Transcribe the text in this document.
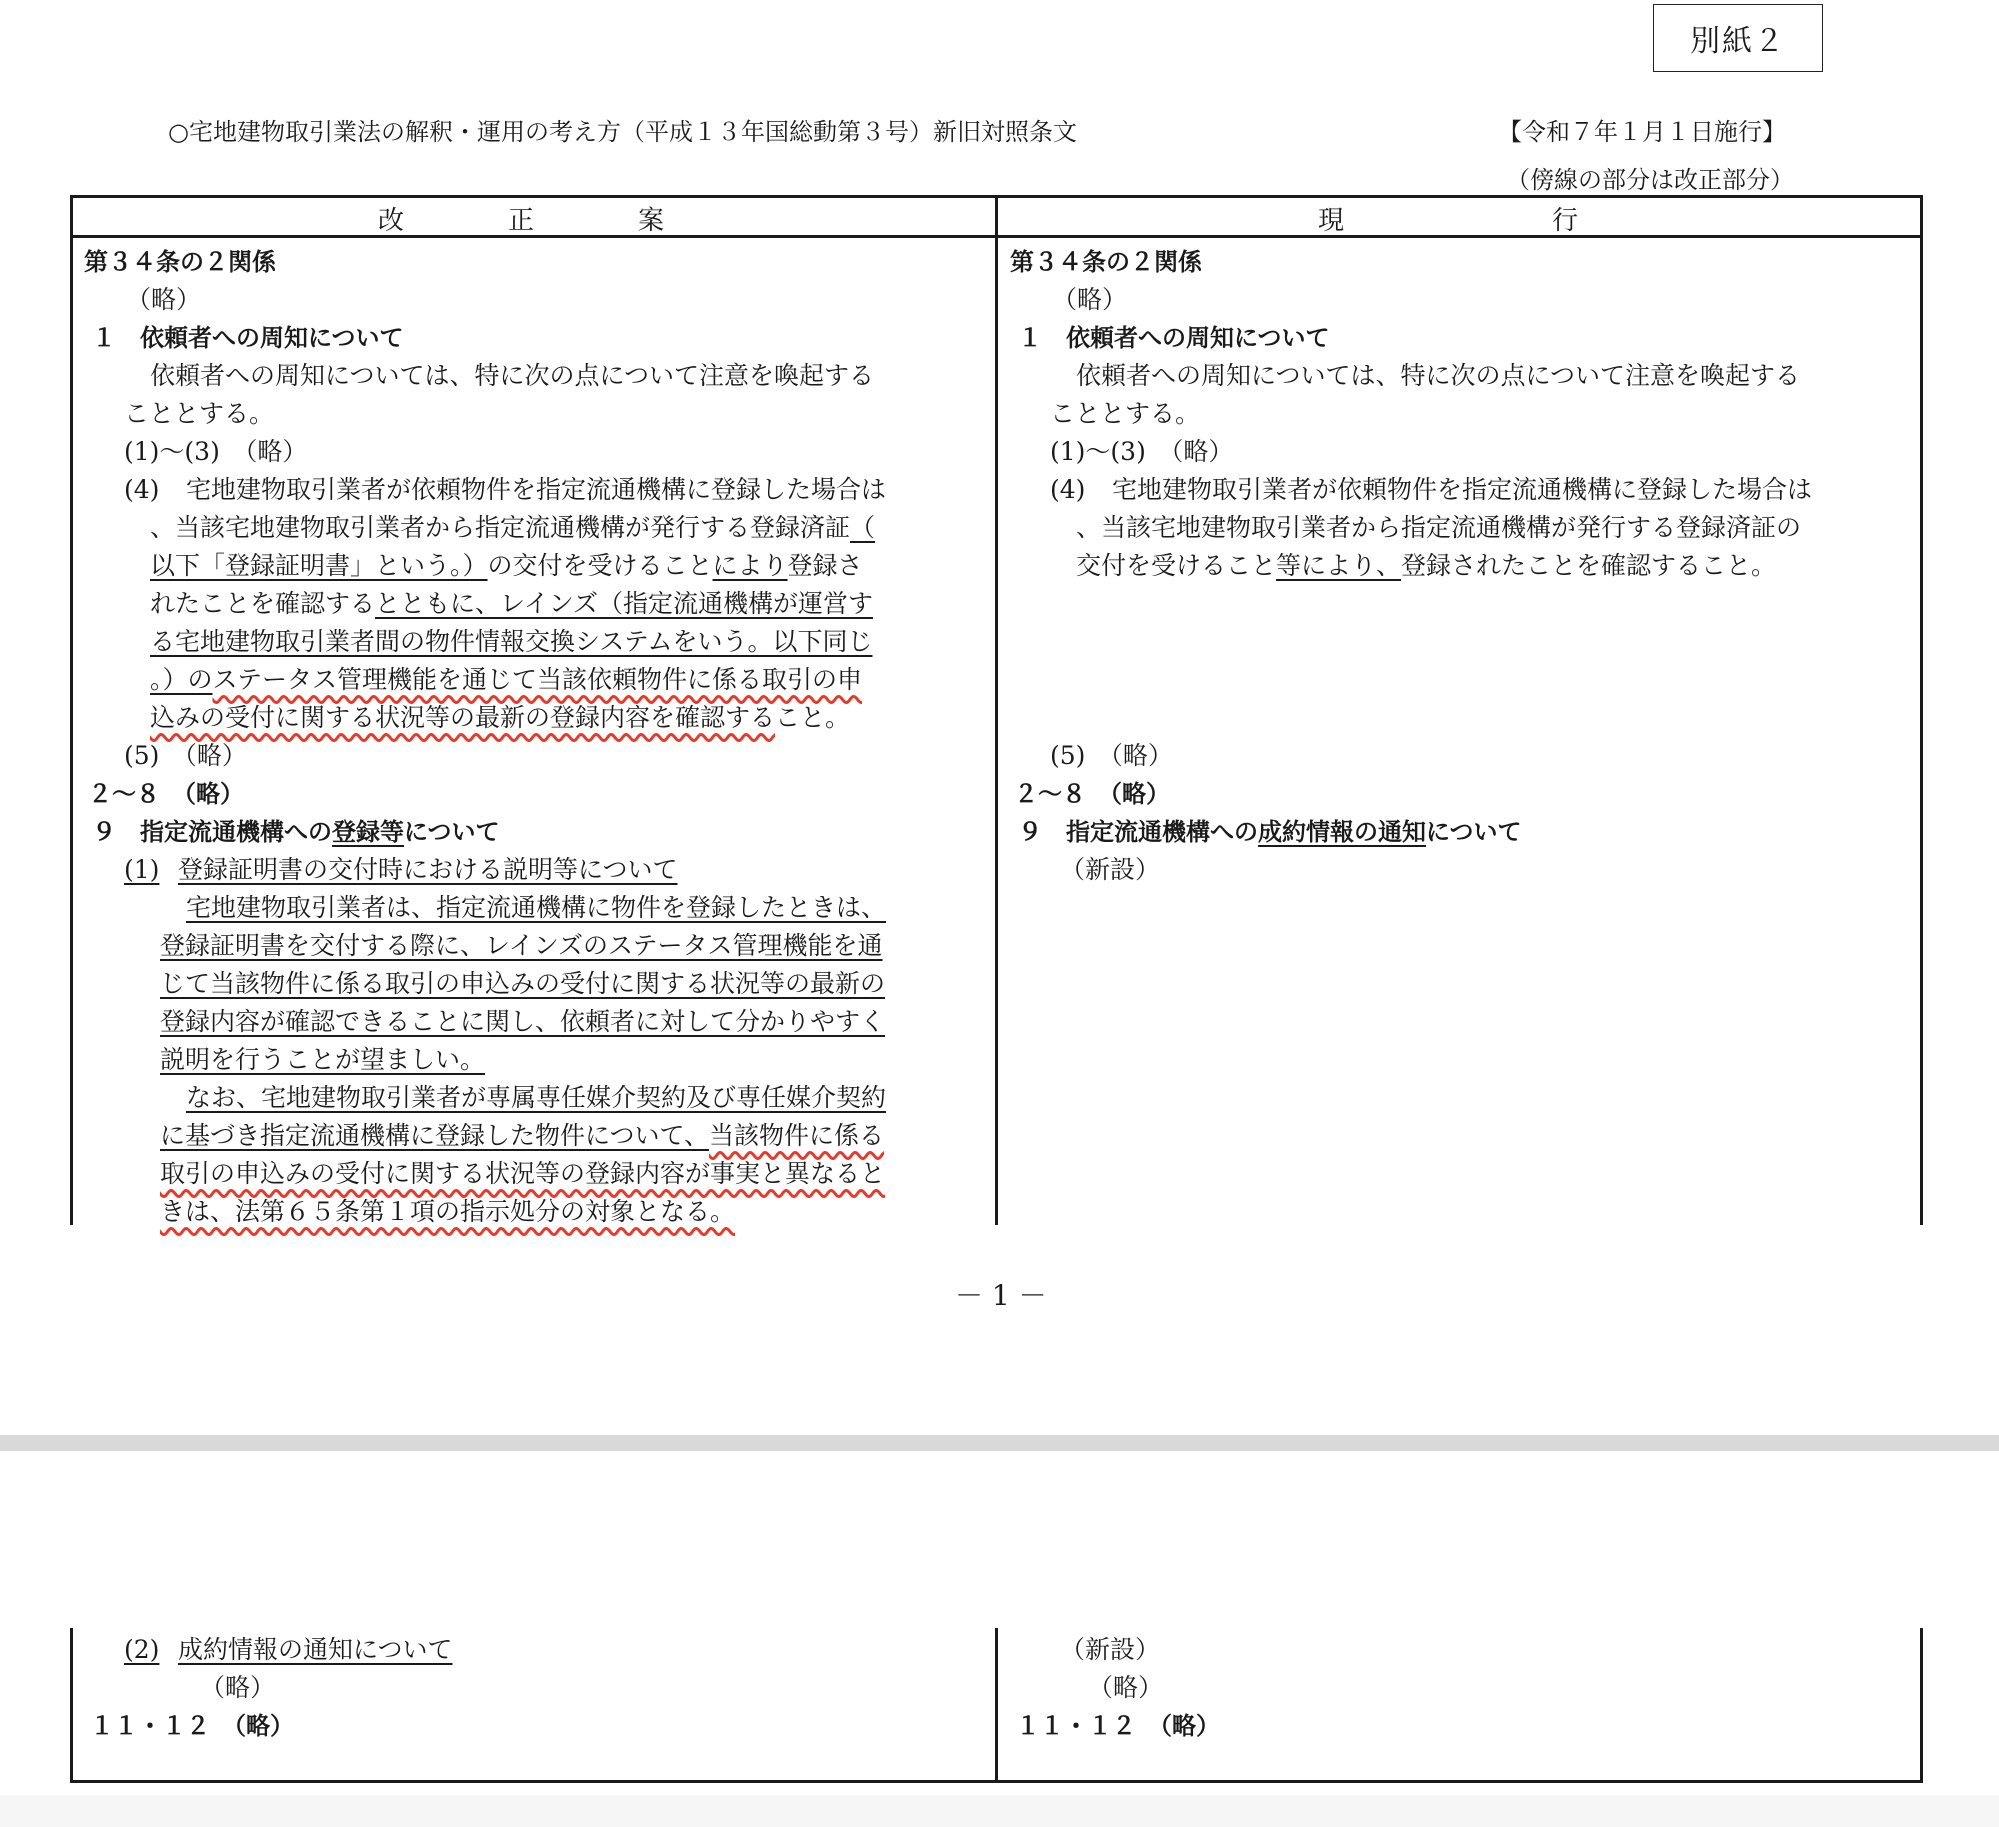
別紙２
○宅地建物取引業法の解釈・運用の考え方（平成１３年国総動第３号）新旧対照条文	【令和７年１月１日施行】
（傍線の部分は改正部分）
改　　　　正　　　　案	現　　　　　　　　行
第３４条の２関係
（略）
１ 依頼者への周知について
依頼者への周知については、特に次の点について注意を喚起する
こととする。
(1)～(3)　（略）
(4) 宅地建物取引業者が依頼物件を指定流通機構に登録した場合は
、当該宅地建物取引業者から指定流通機構が発行する登録済証（
以下「登録証明書」という。）の交付を受けることにより登録さ
れたことを確認するとともに、レインズ（指定流通機構が運営す
る宅地建物取引業者間の物件情報交換システムをいう。以下同じ
。）のステータス管理機能を通じて当該依頼物件に係る取引の申
込みの受付に関する状況等の最新の登録内容を確認すること。
(5)　（略）
２～８　（略）
９ 指定流通機構への登録等について
(1) 登録証明書の交付時における説明等について
宅地建物取引業者は、指定流通機構に物件を登録したときは、
登録証明書を交付する際に、レインズのステータス管理機能を通
じて当該物件に係る取引の申込みの受付に関する状況等の最新の
登録内容が確認できることに関し、依頼者に対して分かりやすく
説明を行うことが望ましい。
なお、宅地建物取引業者が専属専任媒介契約及び専任媒介契約
に基づき指定流通機構に登録した物件について、当該物件に係る
取引の申込みの受付に関する状況等の登録内容が事実と異なると
きは、法第６５条第１項の指示処分の対象となる。
第３４条の２関係
（略）
１ 依頼者への周知について
依頼者への周知については、特に次の点について注意を喚起する
こととする。
(1)～(3)　（略）
(4) 宅地建物取引業者が依頼物件を指定流通機構に登録した場合は
、当該宅地建物取引業者から指定流通機構が発行する登録済証の
交付を受けること等により、登録されたことを確認すること。
(5)　（略）
２～８　（略）
９ 指定流通機構への成約情報の通知について
（新設）
－ 1 －
(2) 成約情報の通知について
（略）
１１・１２　（略）
（新設）
（略）
１１・１２　（略）
